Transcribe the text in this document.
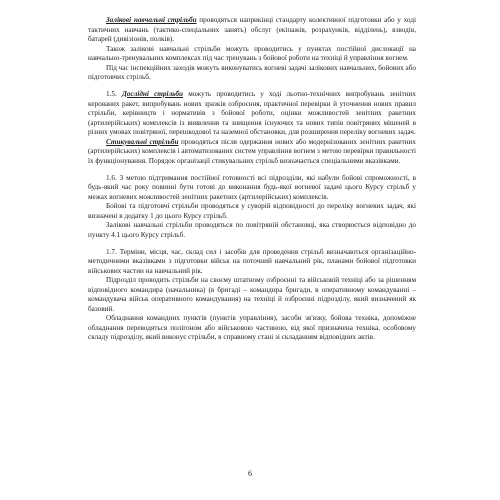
Залікові навчальні стрільби проводяться наприкінці стандарту колективної підготовки або у ході тактичних навчань (тактико-спеціальних занять) обслуг (екіпажів, розрахунків, відділень), взводів, батарей (дивізіонів, полків).

Також залікові навчальні стрільби можуть проводитись у пунктах постійної дислокації на навчально-тренувальних комплексах під час тренувань з бойової роботи на техніці й управління вогнем.

Під час інспекційних заходів можуть виконуватись вогневі задачі залікових навчальних, бойових або підготовчих стрільб.

1.5. Дослідні стрільби можуть проводитись у ході льотно-технічних випробувань зенітних керованих ракет, випробувань нових зразків озброєння, практичної перевірки й уточнення нових правил стрільби, керівництв і нормативів з бойової роботи, оцінки можливостей зенітних ракетних (артилерійських) комплексів із виявлення та знищення існуючих та нових типів повітряних мішеней в різних умовах повітряної, перешкодової та наземної обстановки, для розширення переліку вогневих задач.

Стикувальні стрільби проводяться після одержання нових або модернізованих зенітних ракетних (артилерійських) комплексів і автоматизованих систем управління вогнем з метою перевірки правильності їх функціонування. Порядок організації стикувальних стрільб визначається спеціальними вказівками.

1.6. З метою підтримання постійної готовності всі підрозділи, які набули бойові спроможності, в будь-який час року повинні бути готові до виконання будь-якої вогневої задачі цього Курсу стрільб у межах вогневих можливостей зенітних ракетних (артилерійських) комплексів.

Бойові та підготовчі стрільби проводяться у суворій відповідності до переліку вогневих задач, які визначені в додатку 1 до цього Курсу стрільб.

Залікові навчальні стрільби проводяться по повітряній обстановці, яка створюється відповідно до пункту 4.1 цього Курсу стрільб.

1.7. Терміни, місця, час, склад сил і засобів для проведення стрільб визначаються організаційно-методичними вказівками з підготовки військ на поточний навчальний рік, планами бойової підготовки військових частин на навчальний рік.

Підрозділ проводить стрільби на своєму штатному озброєнні та військовій техніці або за рішенням відповідного командира (начальника) (в бригаді – командира бригади, в оперативному командуванні – командувача військ оперативного командування) на техніці й озброєнні підрозділу, який визначений як базовий.

Обладнання командних пунктів (пунктів управління), засоби зв'язку, бойова техніка, допоміжне обладнання переводяться полігоном або військовою частиною, від якої призначена техніка, особовому складу підрозділу, який виконує стрільби, в справному стані зі складанням відповідних актів.

6
